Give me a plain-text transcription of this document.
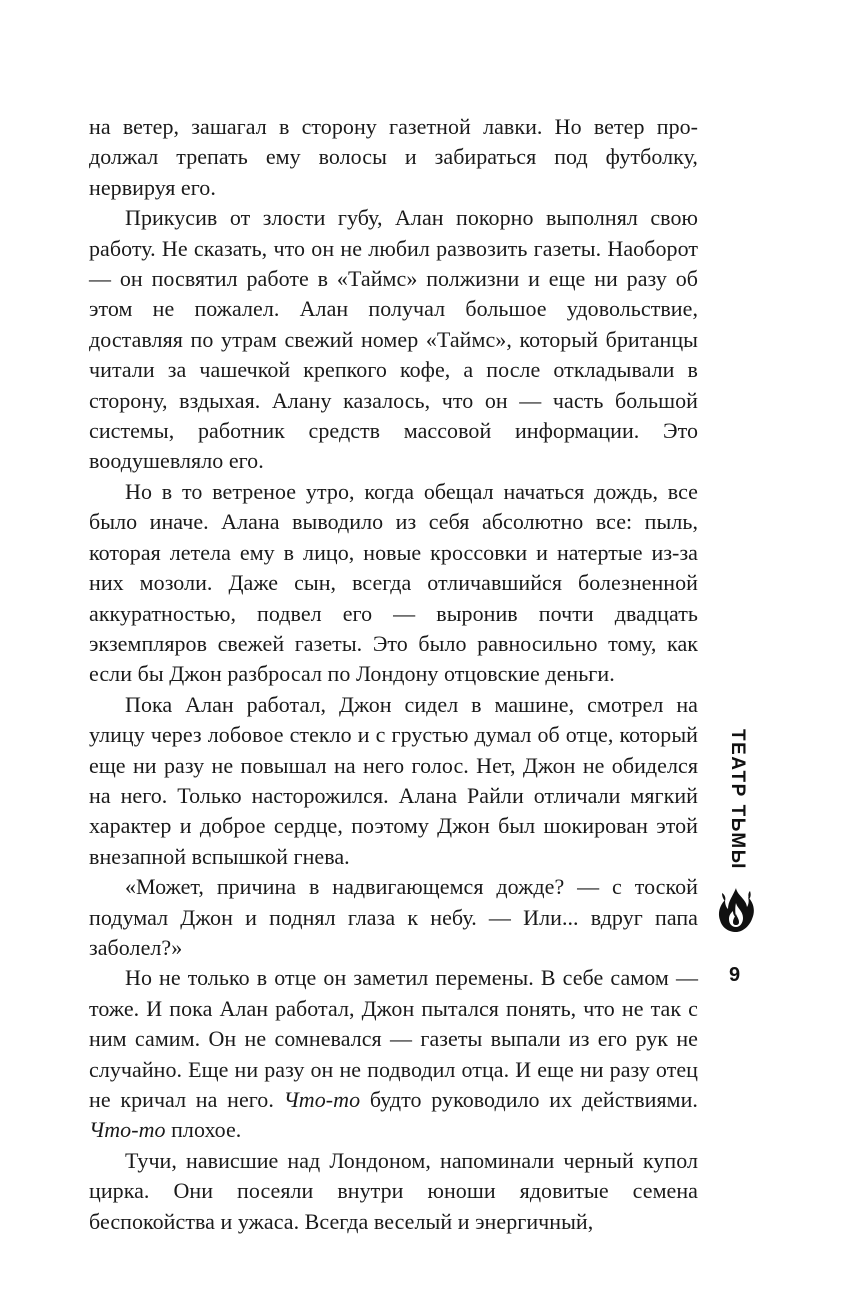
на ветер, зашагал в сторону газетной лавки. Но ветер продолжал трепать ему волосы и забираться под футболку, нервируя его.

Прикусив от злости губу, Алан покорно выполнял свою работу. Не сказать, что он не любил развозить газеты. Наоборот — он посвятил работе в «Таймс» полжизни и еще ни разу об этом не пожалел. Алан получал большое удовольствие, доставляя по утрам свежий номер «Таймс», который британцы читали за чашечкой крепкого кофе, а после откладывали в сторону, вздыхая. Алану казалось, что он — часть большой системы, работник средств массовой информации. Это воодушевляло его.

Но в то ветреное утро, когда обещал начаться дождь, все было иначе. Алана выводило из себя абсолютно все: пыль, которая летела ему в лицо, новые кроссовки и натертые из-за них мозоли. Даже сын, всегда отличавшийся болезненной аккуратностью, подвел его — выронив почти двадцать экземпляров свежей газеты. Это было равносильно тому, как если бы Джон разбросал по Лондону отцовские деньги.

Пока Алан работал, Джон сидел в машине, смотрел на улицу через лобовое стекло и с грустью думал об отце, который еще ни разу не повышал на него голос. Нет, Джон не обиделся на него. Только насторожился. Алана Райли отличали мягкий характер и доброе сердце, поэтому Джон был шокирован этой внезапной вспышкой гнева.

«Может, причина в надвигающемся дожде? — с тоской подумал Джон и поднял глаза к небу. — Или... вдруг папа заболел?»

Но не только в отце он заметил перемены. В себе самом — тоже. И пока Алан работал, Джон пытался понять, что не так с ним самим. Он не сомневался — газеты выпали из его рук не случайно. Еще ни разу он не подводил отца. И еще ни разу отец не кричал на него. Что-то будто руководило их действиями. Что-то плохое.

Тучи, нависшие над Лондоном, напоминали черный купол цирка. Они посеяли внутри юноши ядовитые семена беспокойства и ужаса. Всегда веселый и энергичный,

ТЕАТР ТЬМЫ
9
